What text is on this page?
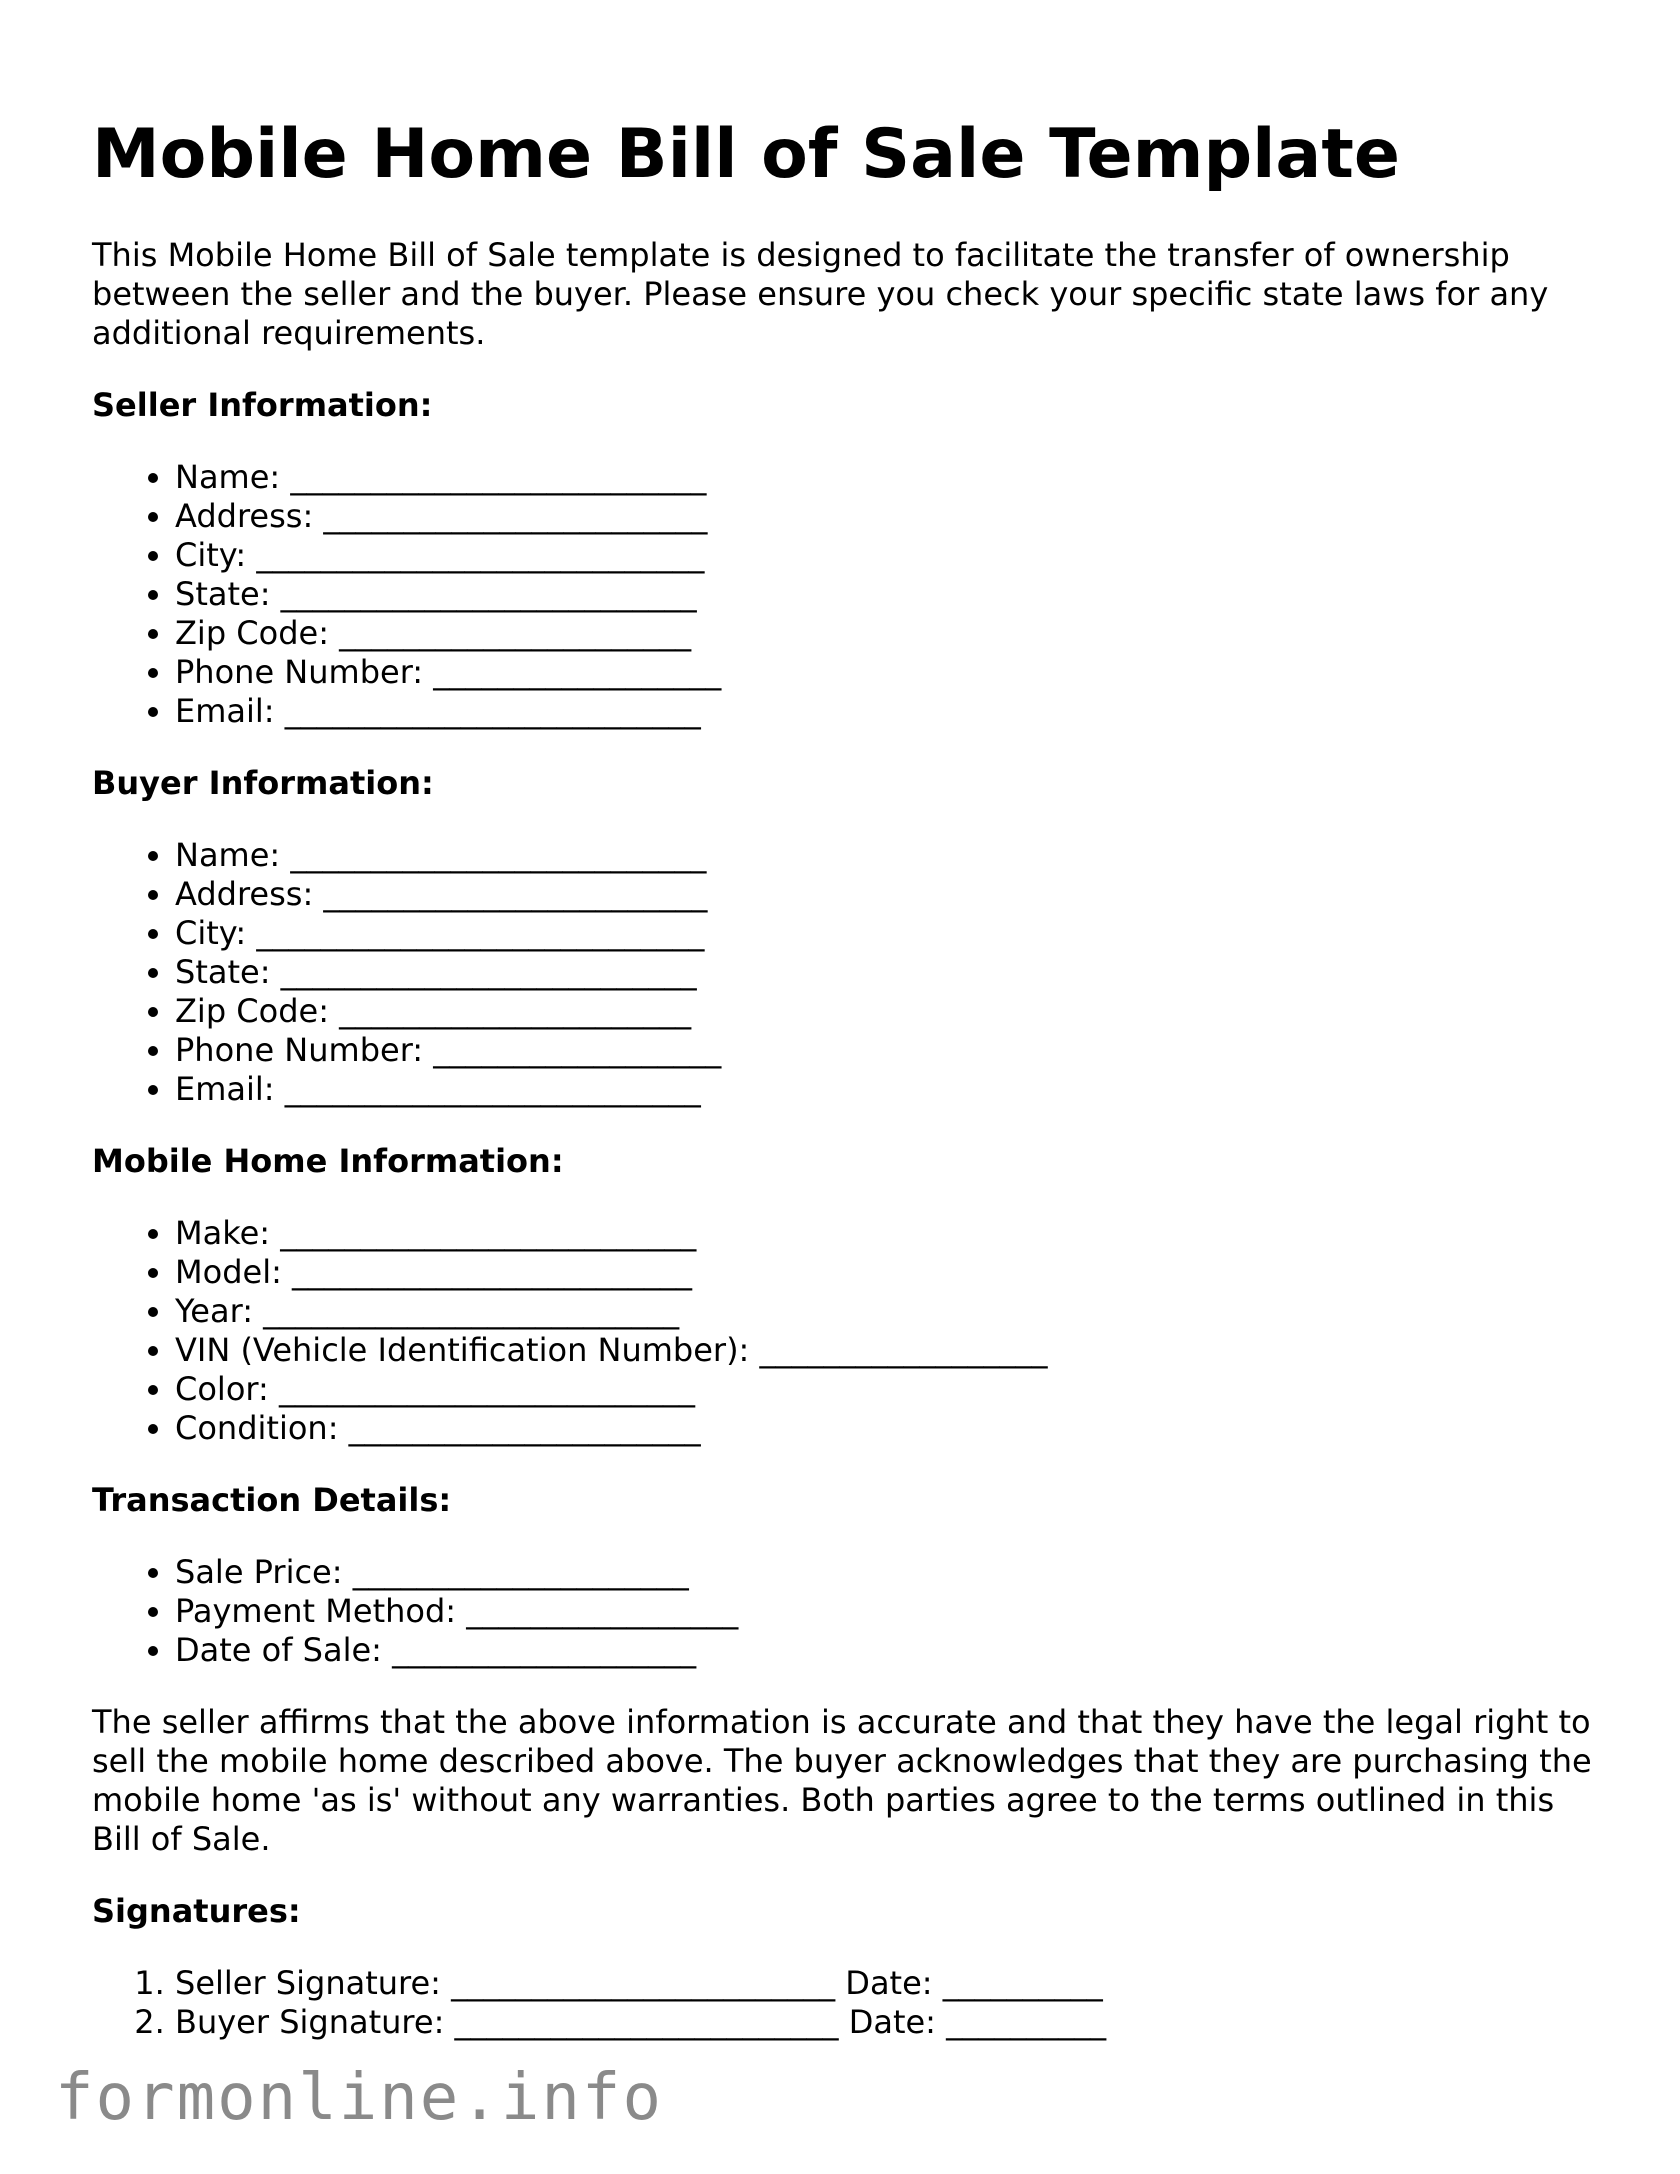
Mobile Home Bill of Sale Template

This Mobile Home Bill of Sale template is designed to facilitate the transfer of ownership between the seller and the buyer. Please ensure you check your specific state laws for any additional requirements.

Seller Information:
• Name: __________________________
• Address: ________________________
• City: ____________________________
• State: __________________________
• Zip Code: ______________________
• Phone Number: __________________
• Email: __________________________
Buyer Information:
• Name: __________________________
• Address: ________________________
• City: ____________________________
• State: __________________________
• Zip Code: ______________________
• Phone Number: __________________
• Email: __________________________
Mobile Home Information:
• Make: __________________________
• Model: _________________________
• Year: __________________________
• VIN (Vehicle Identification Number): __________________
• Color: __________________________
• Condition: ______________________
Transaction Details:
• Sale Price: _____________________
• Payment Method: _________________
• Date of Sale: ___________________

The seller affirms that the above information is accurate and that they have the legal right to sell the mobile home described above. The buyer acknowledges that they are purchasing the mobile home 'as is' without any warranties. Both parties agree to the terms outlined in this Bill of Sale.

Signatures:
1. Seller Signature: ________________________ Date: __________
2. Buyer Signature: ________________________ Date: __________
formonline.info
